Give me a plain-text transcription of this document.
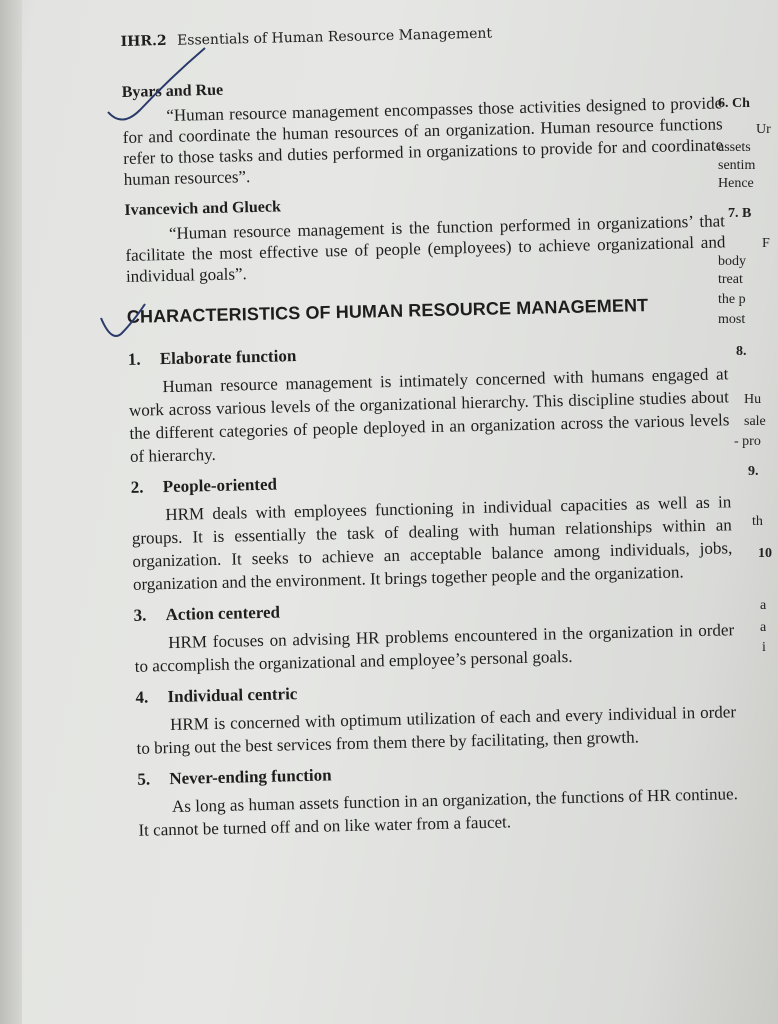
IHR.2 Essentials of Human Resource Management
Byars and Rue

“Human resource management encompasses those activities designed to provide for and coordinate the human resources of an organization. Human resource functions refer to those tasks and duties performed in organizations to provide for and coordinate human resources”.

Ivancevich and Glueck

“Human resource management is the function performed in organizations’ that facilitate the most effective use of people (employees) to achieve organizational and individual goals”.

CHARACTERISTICS OF HUMAN RESOURCE MANAGEMENT
1. Elaborate function
Human resource management is intimately concerned with humans engaged at work across various levels of the organizational hierarchy. This discipline studies about the different categories of people deployed in an organization across the various levels of hierarchy.
2. People-oriented
HRM deals with employees functioning in individual capacities as well as in groups. It is essentially the task of dealing with human relationships within an organization. It seeks to achieve an acceptable balance among individuals, jobs, organization and the environment. It brings together people and the organization.
3. Action centered
HRM focuses on advising HR problems encountered in the organization in order to accomplish the organizational and employee’s personal goals.
4. Individual centric
HRM is concerned with optimum utilization of each and every individual in order to bring out the best services from them there by facilitating, then growth.
5. Never-ending function
As long as human assets function in an organization, the functions of HR continue. It cannot be turned off and on like water from a faucet.
6. Ch
Ur
assets
sentim
Hence
7. B
F
body
treat
the p
most
8.
Hu
sale
- pro
9.
th
10
a
a
i
